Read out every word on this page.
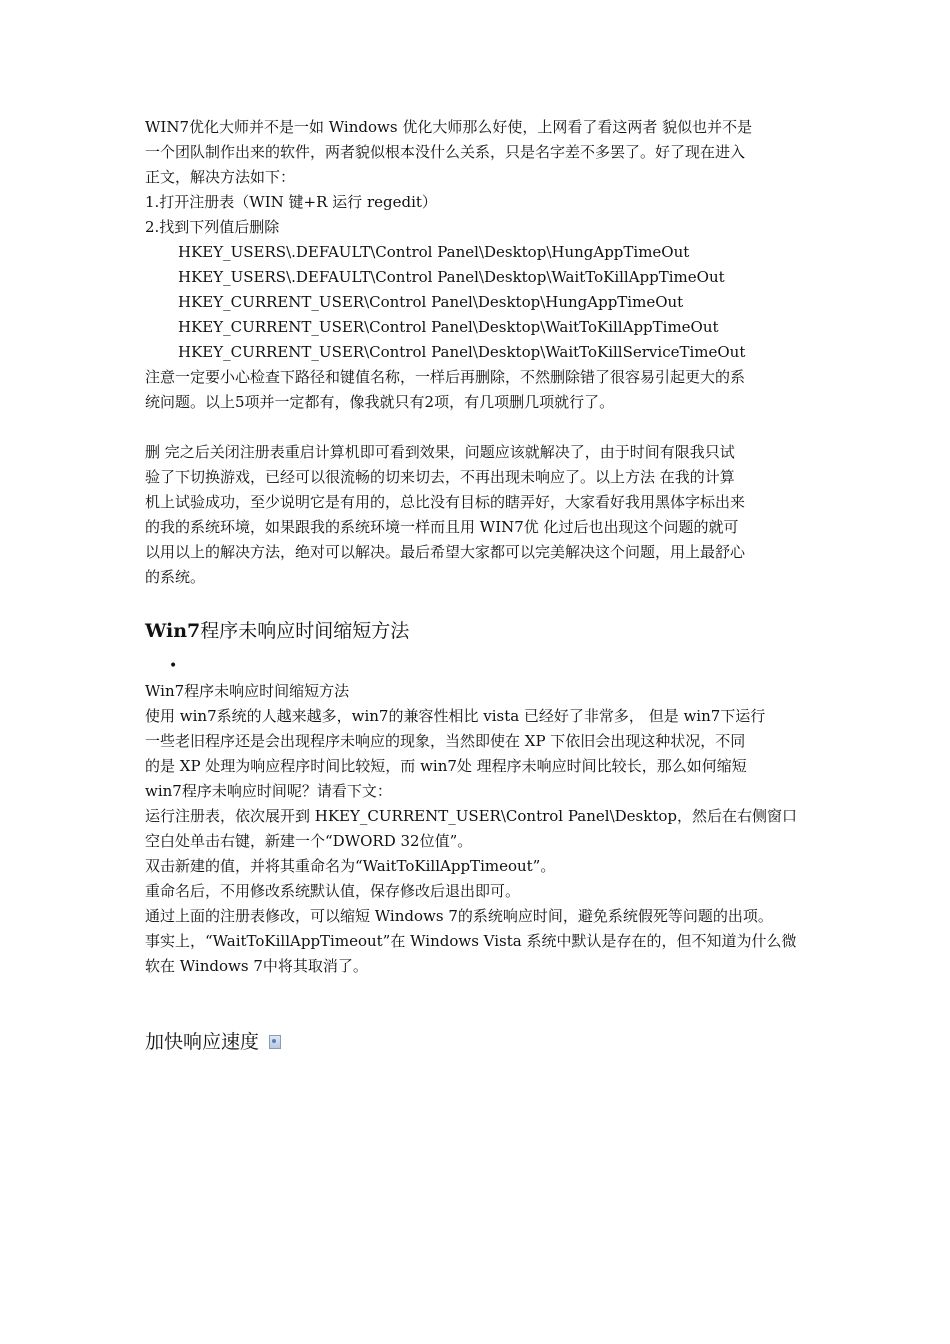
WIN7优化大师并不是一如 Windows 优化大师那么好使，上网看了看这两者 貌似也并不是
一个团队制作出来的软件，两者貌似根本没什么关系，只是名字差不多罢了。好了现在进入
正文，解决方法如下：
1.打开注册表（WIN 键+R 运行 regedit）
2.找到下列值后删除
HKEY_USERS\.DEFAULT\Control Panel\Desktop\HungAppTimeOut
HKEY_USERS\.DEFAULT\Control Panel\Desktop\WaitToKillAppTimeOut
HKEY_CURRENT_USER\Control Panel\Desktop\HungAppTimeOut
HKEY_CURRENT_USER\Control Panel\Desktop\WaitToKillAppTimeOut
HKEY_CURRENT_USER\Control Panel\Desktop\WaitToKillServiceTimeOut
注意一定要小心检查下路径和键值名称，一样后再删除，不然删除错了很容易引起更大的系
统问题。以上5项并一定都有，像我就只有2项，有几项删几项就行了。
删 完之后关闭注册表重启计算机即可看到效果，问题应该就解决了，由于时间有限我只试
验了下切换游戏，已经可以很流畅的切来切去，不再出现未响应了。以上方法 在我的计算
机上试验成功，至少说明它是有用的，总比没有目标的瞎弄好，大家看好我用黑体字标出来
的我的系统环境，如果跟我的系统环境一样而且用 WIN7优 化过后也出现这个问题的就可
以用以上的解决方法，绝对可以解决。最后希望大家都可以完美解决这个问题，用上最舒心
的系统。
Win7程序未响应时间缩短方法
•
Win7程序未响应时间缩短方法
使用 win7系统的人越来越多，win7的兼容性相比 vista 已经好了非常多， 但是 win7下运行
一些老旧程序还是会出现程序未响应的现象，当然即使在 XP 下依旧会出现这种状况，不同
的是 XP 处理为响应程序时间比较短，而 win7处 理程序未响应时间比较长，那么如何缩短
win7程序未响应时间呢？请看下文：
运行注册表，依次展开到 HKEY_CURRENT_USER\Control Panel\Desktop，然后在右侧窗口
空白处单击右键，新建一个“DWORD 32位值”。
双击新建的值，并将其重命名为“WaitToKillAppTimeout”。
重命名后，不用修改系统默认值，保存修改后退出即可。
通过上面的注册表修改，可以缩短 Windows 7的系统响应时间，避免系统假死等问题的出项。
事实上，“WaitToKillAppTimeout”在 Windows Vista 系统中默认是存在的，但不知道为什么微
软在 Windows 7中将其取消了。
加快响应速度
